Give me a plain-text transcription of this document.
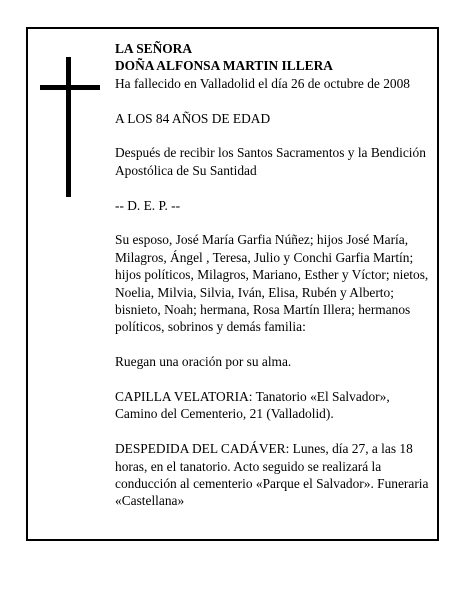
LA SEÑORA

DOÑA ALFONSA MARTIN ILLERA

Ha fallecido en Valladolid el día 26 de octubre de 2008

A LOS 84 AÑOS DE EDAD

Después de recibir los Santos Sacramentos y la Bendición Apostólica de Su Santidad

-- D. E. P. --

Su esposo, José María Garfia Núñez; hijos José María, Milagros, Ángel , Teresa, Julio y Conchi Garfia Martín; hijos políticos, Milagros, Mariano, Esther y Víctor; nietos, Noelia, Milvia, Silvia, Iván, Elisa, Rubén y Alberto; bisnieto, Noah; hermana, Rosa Martín Illera; hermanos políticos, sobrinos y demás familia:

Ruegan una oración por su alma.

CAPILLA VELATORIA: Tanatorio «El Salvador», Camino del Cementerio, 21 (Valladolid).

DESPEDIDA DEL CADÁVER: Lunes, día 27, a las 18 horas, en el tanatorio. Acto seguido se realizará la conducción al cementerio «Parque el Salvador». Funeraria «Castellana»
